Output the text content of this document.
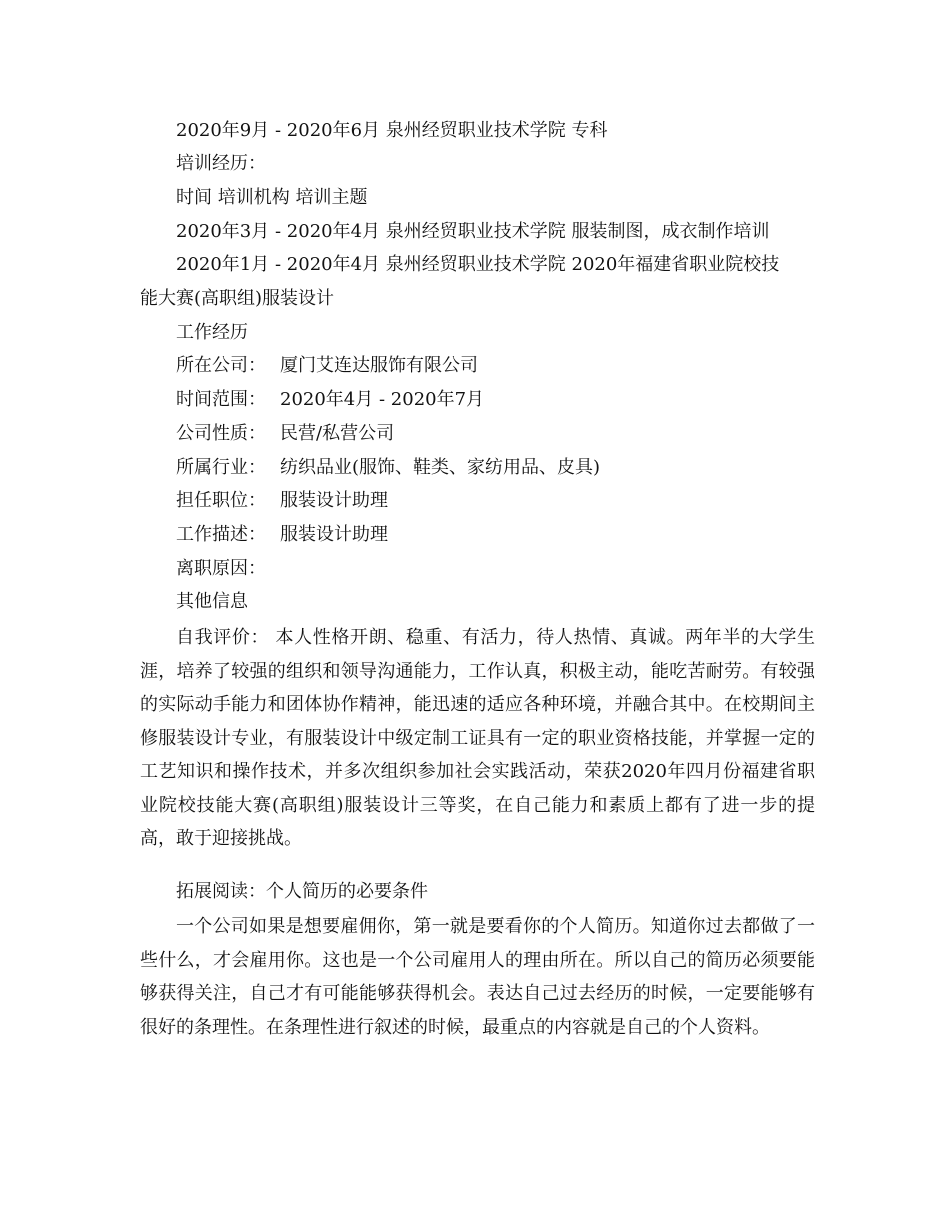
2020年9月 - 2020年6月 泉州经贸职业技术学院 专科
培训经历：
时间 培训机构 培训主题
2020年3月 - 2020年4月 泉州经贸职业技术学院 服装制图，成衣制作培训
2020年1月 - 2020年4月 泉州经贸职业技术学院 2020年福建省职业院校技
能大赛(高职组)服装设计
工作经历
所在公司： 厦门艾连达服饰有限公司
时间范围： 2020年4月 - 2020年7月
公司性质： 民营/私营公司
所属行业： 纺织品业(服饰、鞋类、家纺用品、皮具)
担任职位： 服装设计助理
工作描述： 服装设计助理
离职原因：
其他信息
自我评价： 本人性格开朗、稳重、有活力，待人热情、真诚。两年半的大学生涯，培养了较强的组织和领导沟通能力，工作认真，积极主动，能吃苦耐劳。有较强的实际动手能力和团体协作精神，能迅速的适应各种环境，并融合其中。在校期间主修服装设计专业，有服装设计中级定制工证具有一定的职业资格技能，并掌握一定的工艺知识和操作技术，并多次组织参加社会实践活动，荣获2020年四月份福建省职业院校技能大赛(高职组)服装设计三等奖，在自己能力和素质上都有了进一步的提高，敢于迎接挑战。
拓展阅读：个人简历的必要条件
一个公司如果是想要雇佣你，第一就是要看你的个人简历。知道你过去都做了一些什么，才会雇用你。这也是一个公司雇用人的理由所在。所以自己的简历必须要能够获得关注，自己才有可能能够获得机会。表达自己过去经历的时候，一定要能够有很好的条理性。在条理性进行叙述的时候，最重点的内容就是自己的个人资料。
